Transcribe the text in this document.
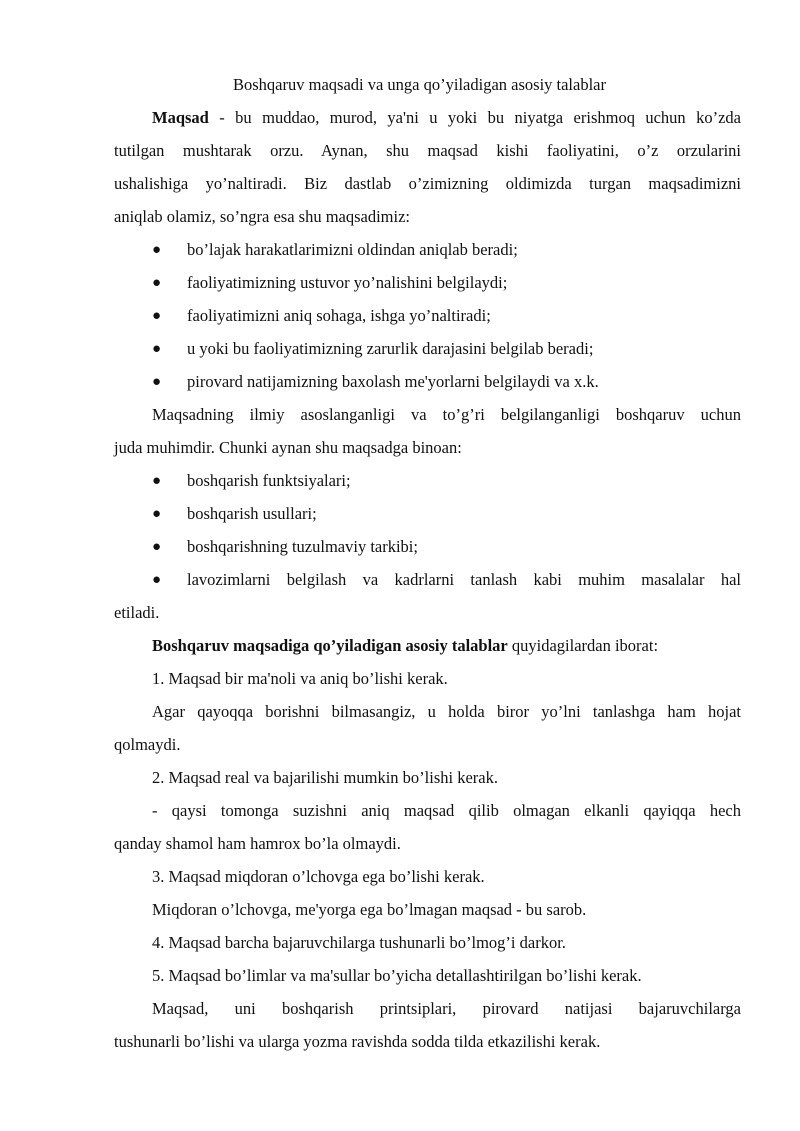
Boshqaruv maqsadi va unga qo’yiladigan asosiy talablar
Maqsad - bu muddao, murod, ya'ni u yoki bu niyatga erishmoq uchun ko’zda
tutilgan mushtarak orzu. Aynan, shu maqsad kishi faoliyatini, o’z orzularini
ushalishiga yo’naltiradi. Biz dastlab o’zimizning oldimizda turgan maqsadimizni
aniqlab olamiz, so’ngra esa shu maqsadimiz:
● bo’lajak harakatlarimizni oldindan aniqlab beradi;
● faoliyatimizning ustuvor yo’nalishini belgilaydi;
● faoliyatimizni aniq sohaga, ishga yo’naltiradi;
● u yoki bu faoliyatimizning zarurlik darajasini belgilab beradi;
● pirovard natijamizning baxolash me'yorlarni belgilaydi va x.k.
Maqsadning ilmiy asoslanganligi va to’g’ri belgilanganligi boshqaruv uchun
juda muhimdir. Chunki aynan shu maqsadga binoan:
● boshqarish funktsiyalari;
● boshqarish usullari;
● boshqarishning tuzulmaviy tarkibi;
● lavozimlarni belgilash va kadrlarni tanlash kabi muhim masalalar hal
etiladi.
Boshqaruv maqsadiga qo’yiladigan asosiy talablar quyidagilardan iborat:
1. Maqsad bir ma'noli va aniq bo’lishi kerak.
Agar qayoqqa borishni bilmasangiz, u holda biror yo’lni tanlashga ham hojat
qolmaydi.
2. Maqsad real va bajarilishi mumkin bo’lishi kerak.
- qaysi tomonga suzishni aniq maqsad qilib olmagan elkanli qayiqqa hech
qanday shamol ham hamrox bo’la olmaydi.
3. Maqsad miqdoran o’lchovga ega bo’lishi kerak.
Miqdoran o’lchovga, me'yorga ega bo’lmagan maqsad - bu sarob.
4. Maqsad barcha bajaruvchilarga tushunarli bo’lmog’i darkor.
5. Maqsad bo’limlar va ma'sullar bo’yicha detallashtirilgan bo’lishi kerak.
Maqsad, uni boshqarish printsiplari, pirovard natijasi bajaruvchilarga
tushunarli bo’lishi va ularga yozma ravishda sodda tilda etkazilishi kerak.
